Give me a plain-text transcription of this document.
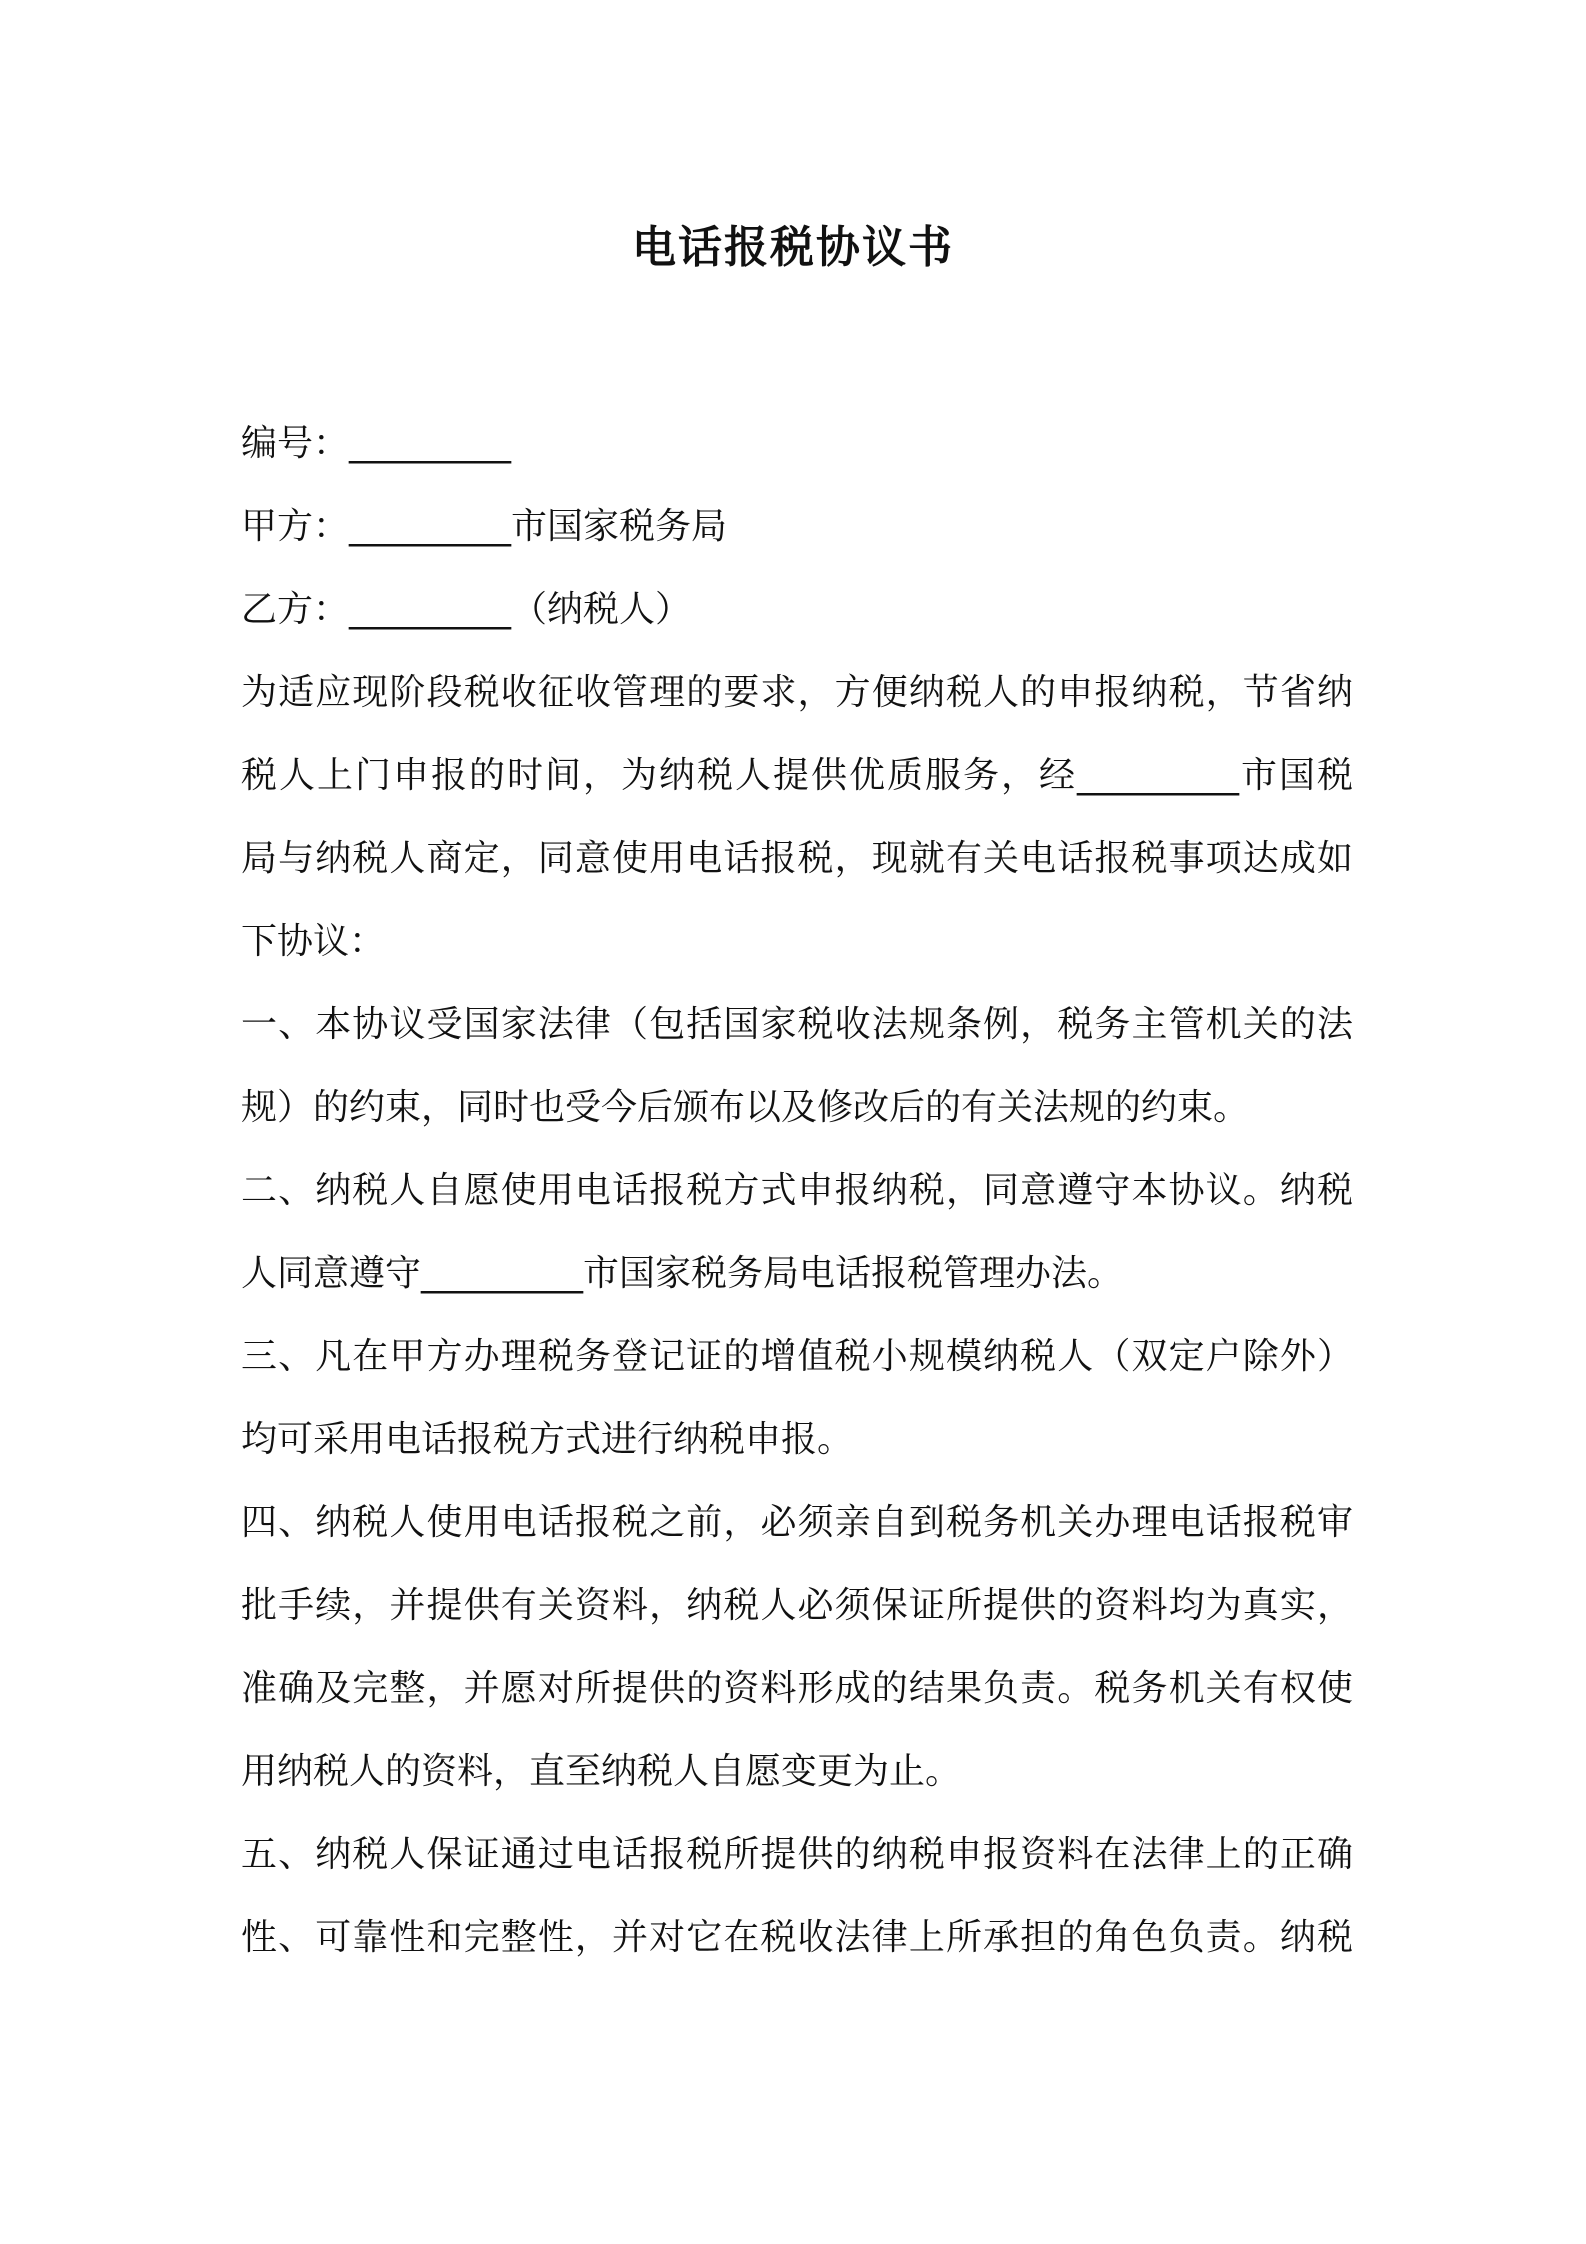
电话报税协议书
编号：_________
甲方：_________市国家税务局
乙方：_________（纳税人）
为适应现阶段税收征收管理的要求，方便纳税人的申报纳税，节省纳
税人上门申报的时间，为纳税人提供优质服务，经_________市国税
局与纳税人商定，同意使用电话报税，现就有关电话报税事项达成如
下协议：
一、本协议受国家法律（包括国家税收法规条例，税务主管机关的法
规）的约束，同时也受今后颁布以及修改后的有关法规的约束。
二、纳税人自愿使用电话报税方式申报纳税，同意遵守本协议。纳税
人同意遵守_________市国家税务局电话报税管理办法。
三、凡在甲方办理税务登记证的增值税小规模纳税人（双定户除外）
均可采用电话报税方式进行纳税申报。
四、纳税人使用电话报税之前，必须亲自到税务机关办理电话报税审
批手续，并提供有关资料，纳税人必须保证所提供的资料均为真实，
准确及完整，并愿对所提供的资料形成的结果负责。税务机关有权使
用纳税人的资料，直至纳税人自愿变更为止。
五、纳税人保证通过电话报税所提供的纳税申报资料在法律上的正确
性、可靠性和完整性，并对它在税收法律上所承担的角色负责。纳税
